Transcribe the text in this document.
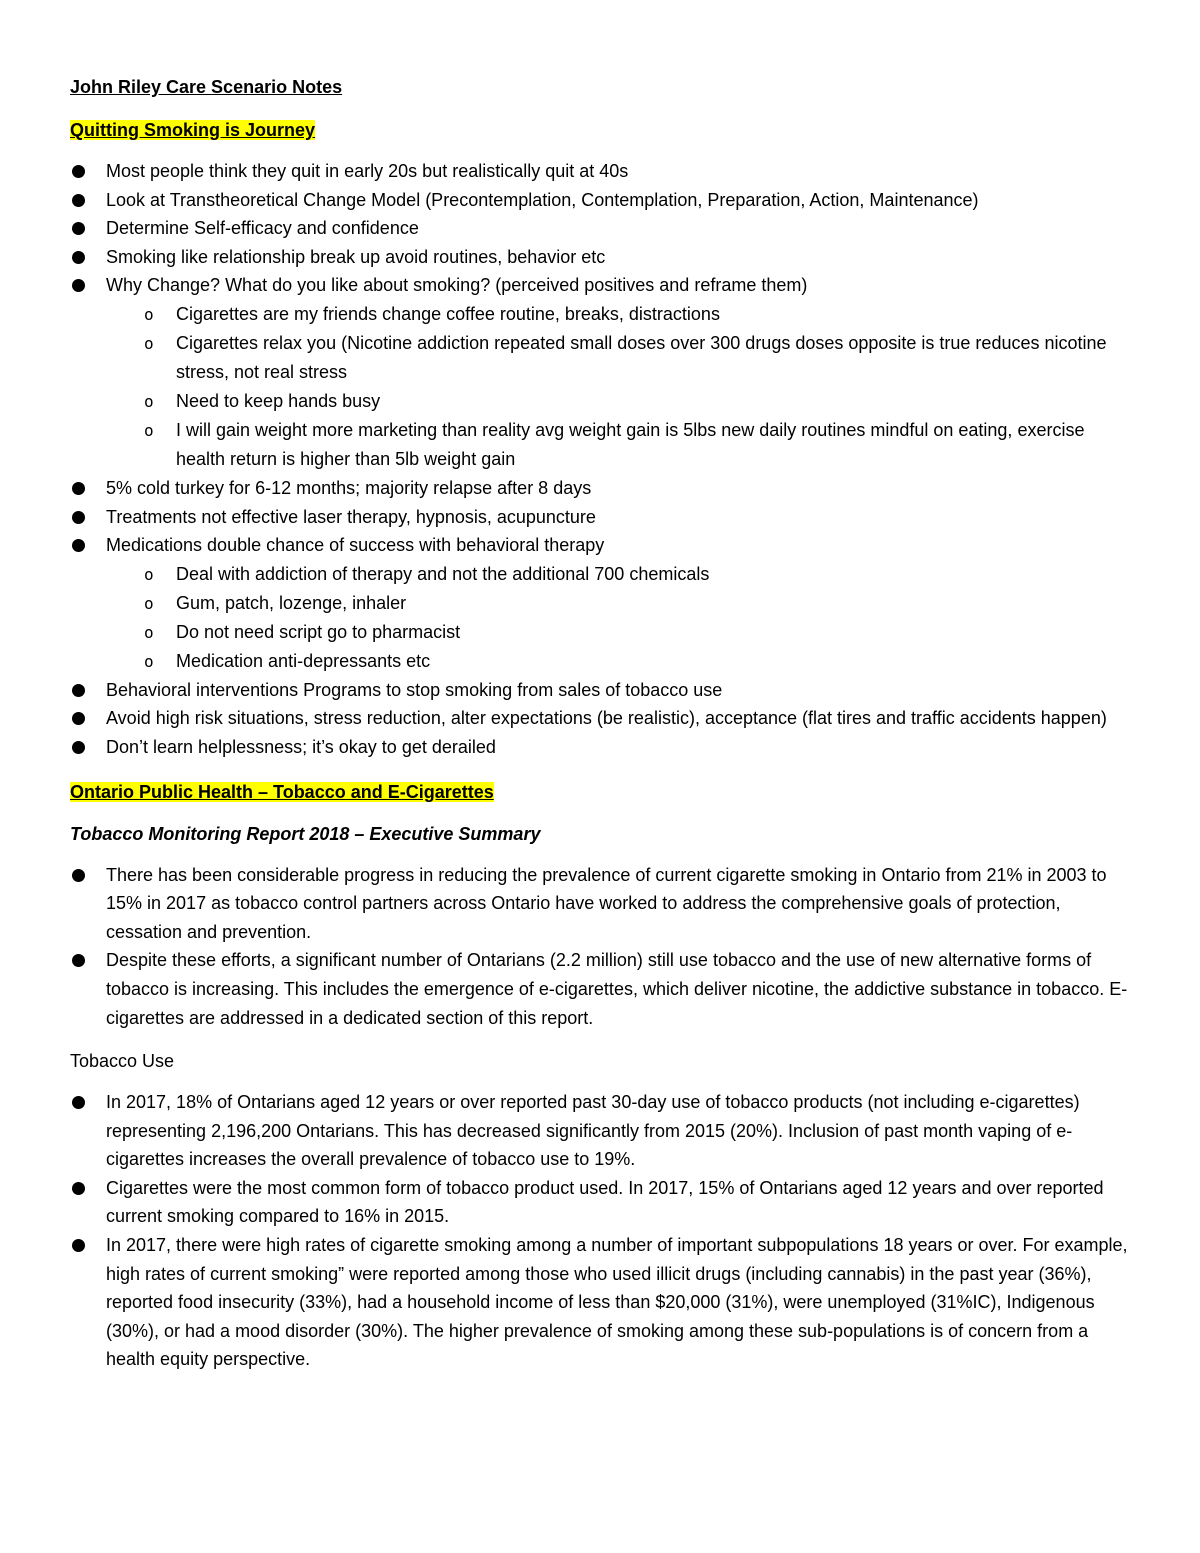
John Riley Care Scenario Notes
Quitting Smoking is Journey
Most people think they quit in early 20s but realistically quit at 40s
Look at Transtheoretical Change Model (Precontemplation, Contemplation, Preparation, Action, Maintenance)
Determine Self-efficacy and confidence
Smoking like relationship break up avoid routines, behavior etc
Why Change? What do you like about smoking? (perceived positives and reframe them)
o Cigarettes are my friends change coffee routine, breaks, distractions
o Cigarettes relax you (Nicotine addiction repeated small doses over 300 drugs doses opposite is true reduces nicotine stress, not real stress
o Need to keep hands busy
o I will gain weight more marketing than reality avg weight gain is 5lbs new daily routines mindful on eating, exercise health return is higher than 5lb weight gain
5% cold turkey for 6-12 months; majority relapse after 8 days
Treatments not effective laser therapy, hypnosis, acupuncture
Medications double chance of success with behavioral therapy
o Deal with addiction of therapy and not the additional 700 chemicals
o Gum, patch, lozenge, inhaler
o Do not need script go to pharmacist
o Medication anti-depressants etc
Behavioral interventions Programs to stop smoking from sales of tobacco use
Avoid high risk situations, stress reduction, alter expectations (be realistic), acceptance (flat tires and traffic accidents happen)
Don’t learn helplessness; it’s okay to get derailed
Ontario Public Health – Tobacco and E-Cigarettes
Tobacco Monitoring Report 2018 – Executive Summary
There has been considerable progress in reducing the prevalence of current cigarette smoking in Ontario from 21% in 2003 to 15% in 2017 as tobacco control partners across Ontario have worked to address the comprehensive goals of protection, cessation and prevention.
Despite these efforts, a significant number of Ontarians (2.2 million) still use tobacco and the use of new alternative forms of tobacco is increasing. This includes the emergence of e-cigarettes, which deliver nicotine, the addictive substance in tobacco. E-cigarettes are addressed in a dedicated section of this report.
Tobacco Use
In 2017, 18% of Ontarians aged 12 years or over reported past 30-day use of tobacco products (not including e-cigarettes) representing 2,196,200 Ontarians. This has decreased significantly from 2015 (20%). Inclusion of past month vaping of e-cigarettes increases the overall prevalence of tobacco use to 19%.
Cigarettes were the most common form of tobacco product used. In 2017, 15% of Ontarians aged 12 years and over reported current smoking compared to 16% in 2015.
In 2017, there were high rates of cigarette smoking among a number of important subpopulations 18 years or over. For example, high rates of current smoking” were reported among those who used illicit drugs (including cannabis) in the past year (36%), reported food insecurity (33%), had a household income of less than $20,000 (31%), were unemployed (31%IC), Indigenous (30%), or had a mood disorder (30%). The higher prevalence of smoking among these sub-populations is of concern from a health equity perspective.
